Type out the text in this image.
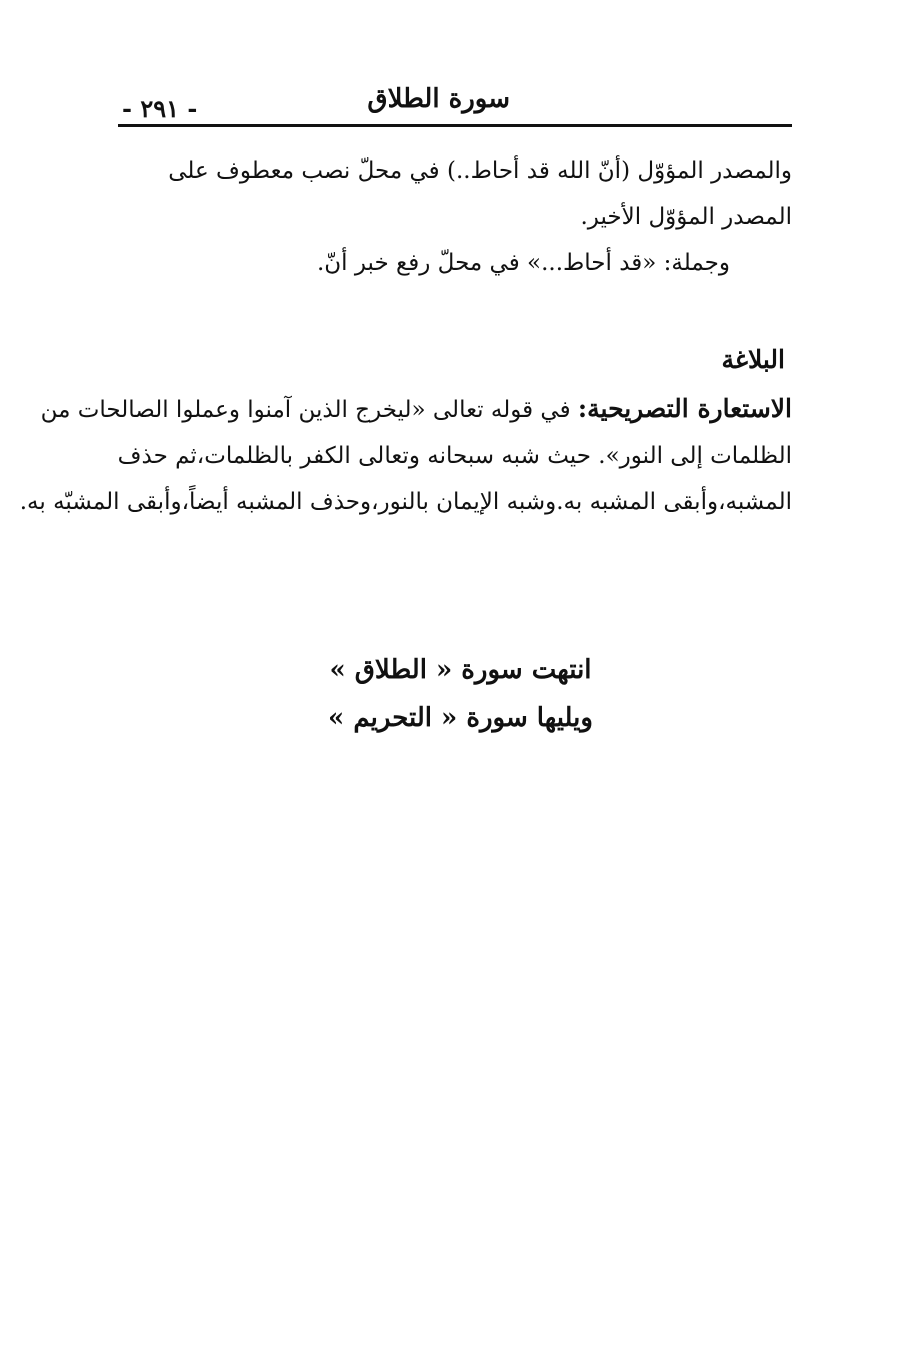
سورة الطلاق
- ٢٩١ -
والمصدر المؤوّل (أنّ الله قد أحاط..) في محلّ نصب معطوف على
المصدر المؤوّل الأخير.
وجملة: «قد أحاط...» في محلّ رفع خبر أنّ.
البلاغة
الاستعارة التصريحية: في قوله تعالى «ليخرج الذين آمنوا وعملوا الصالحات من
الظلمات إلى النور». حيث شبه سبحانه وتعالى الكفر بالظلمات،ثم حذف
المشبه،وأبقى المشبه به.وشبه الإيمان بالنور،وحذف المشبه أيضاً،وأبقى المشبّه به.
انتهت سورة « الطلاق »
ويليها سورة « التحريم »
